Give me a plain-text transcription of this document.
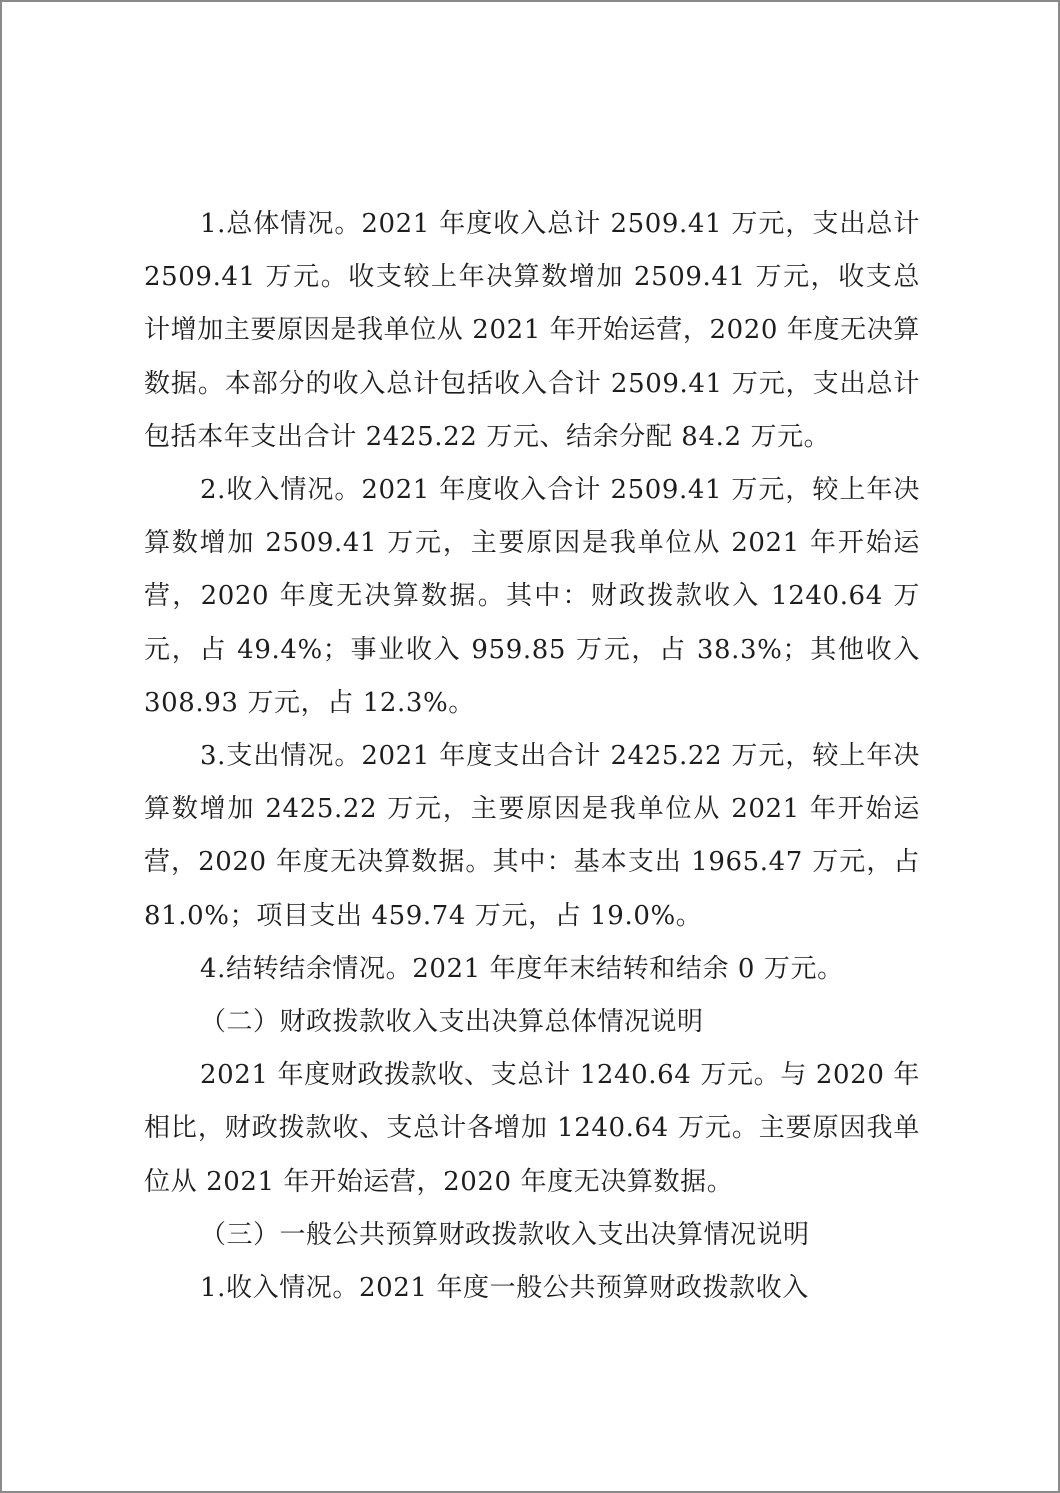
1.总体情况。2021 年度收入总计 2509.41 万元，支出总计 2509.41 万元。收支较上年决算数增加 2509.41 万元，收支总计增加主要原因是我单位从 2021 年开始运营，2020 年度无决算数据。本部分的收入总计包括收入合计 2509.41 万元，支出总计包括本年支出合计 2425.22 万元、结余分配 84.2 万元。

2.收入情况。2021 年度收入合计 2509.41 万元，较上年决算数增加 2509.41 万元，主要原因是我单位从 2021 年开始运营，2020 年度无决算数据。其中：财政拨款收入 1240.64 万元，占 49.4%；事业收入 959.85 万元，占 38.3%；其他收入 308.93 万元，占 12.3%。

3.支出情况。2021 年度支出合计 2425.22 万元，较上年决算数增加 2425.22 万元，主要原因是我单位从 2021 年开始运营，2020 年度无决算数据。其中：基本支出 1965.47 万元，占 81.0%；项目支出 459.74 万元，占 19.0%。

4.结转结余情况。2021 年度年末结转和结余 0 万元。

（二）财政拨款收入支出决算总体情况说明

2021 年度财政拨款收、支总计 1240.64 万元。与 2020 年相比，财政拨款收、支总计各增加 1240.64 万元。主要原因我单位从 2021 年开始运营，2020 年度无决算数据。

（三）一般公共预算财政拨款收入支出决算情况说明

1.收入情况。2021 年度一般公共预算财政拨款收入
